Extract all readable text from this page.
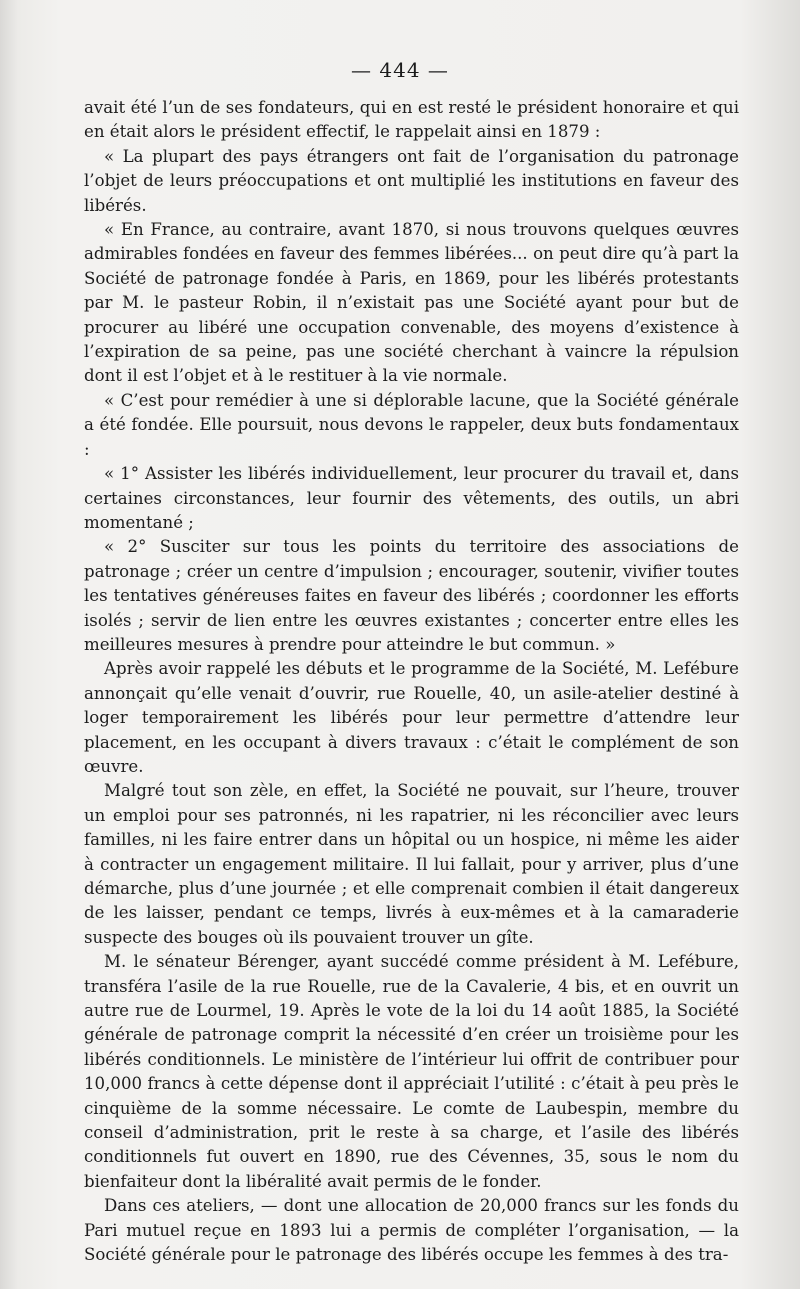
— 444 —

avait été l’un de ses fondateurs, qui en est resté le président honoraire et qui en était alors le président effectif, le rappelait ainsi en 1879 :

« La plupart des pays étrangers ont fait de l’organisation du patronage l’objet de leurs préoccupations et ont multiplié les institutions en faveur des libérés.

« En France, au contraire, avant 1870, si nous trouvons quelques œuvres admirables fondées en faveur des femmes libérées... on peut dire qu’à part la Société de patronage fondée à Paris, en 1869, pour les libérés protestants par M. le pasteur Robin, il n’existait pas une Société ayant pour but de procurer au libéré une occupation convenable, des moyens d’existence à l’expiration de sa peine, pas une société cherchant à vaincre la répulsion dont il est l’objet et à le restituer à la vie normale.

« C’est pour remédier à une si déplorable lacune, que la Société générale a été fondée. Elle poursuit, nous devons le rappeler, deux buts fondamentaux :

« 1° Assister les libérés individuellement, leur procurer du travail et, dans certaines circonstances, leur fournir des vêtements, des outils, un abri momentané ;

« 2° Susciter sur tous les points du territoire des associations de patronage ; créer un centre d’impulsion ; encourager, soutenir, vivifier toutes les tentatives généreuses faites en faveur des libérés ; coordonner les efforts isolés ; servir de lien entre les œuvres existantes ; concerter entre elles les meilleures mesures à prendre pour atteindre le but commun. »

Après avoir rappelé les débuts et le programme de la Société, M. Lefébure annonçait qu’elle venait d’ouvrir, rue Rouelle, 40, un asile-atelier destiné à loger temporairement les libérés pour leur permettre d’attendre leur placement, en les occupant à divers travaux : c’était le complément de son œuvre.

Malgré tout son zèle, en effet, la Société ne pouvait, sur l’heure, trouver un emploi pour ses patronnés, ni les rapatrier, ni les réconcilier avec leurs familles, ni les faire entrer dans un hôpital ou un hospice, ni même les aider à contracter un engagement militaire. Il lui fallait, pour y arriver, plus d’une démarche, plus d’une journée ; et elle comprenait combien il était dangereux de les laisser, pendant ce temps, livrés à eux-mêmes et à la camaraderie suspecte des bouges où ils pouvaient trouver un gîte.

M. le sénateur Bérenger, ayant succédé comme président à M. Lefébure, transféra l’asile de la rue Rouelle, rue de la Cavalerie, 4 bis, et en ouvrit un autre rue de Lourmel, 19. Après le vote de la loi du 14 août 1885, la Société générale de patronage comprit la nécessité d’en créer un troisième pour les libérés conditionnels. Le ministère de l’intérieur lui offrit de contribuer pour 10,000 francs à cette dépense dont il appréciait l’utilité : c’était à peu près le cinquième de la somme nécessaire. Le comte de Laubespin, membre du conseil d’administration, prit le reste à sa charge, et l’asile des libérés conditionnels fut ouvert en 1890, rue des Cévennes, 35, sous le nom du bienfaiteur dont la libéralité avait permis de le fonder.

Dans ces ateliers, — dont une allocation de 20,000 francs sur les fonds du Pari mutuel reçue en 1893 lui a permis de compléter l’organisation, — la Société générale pour le patronage des libérés occupe les femmes à des tra-
